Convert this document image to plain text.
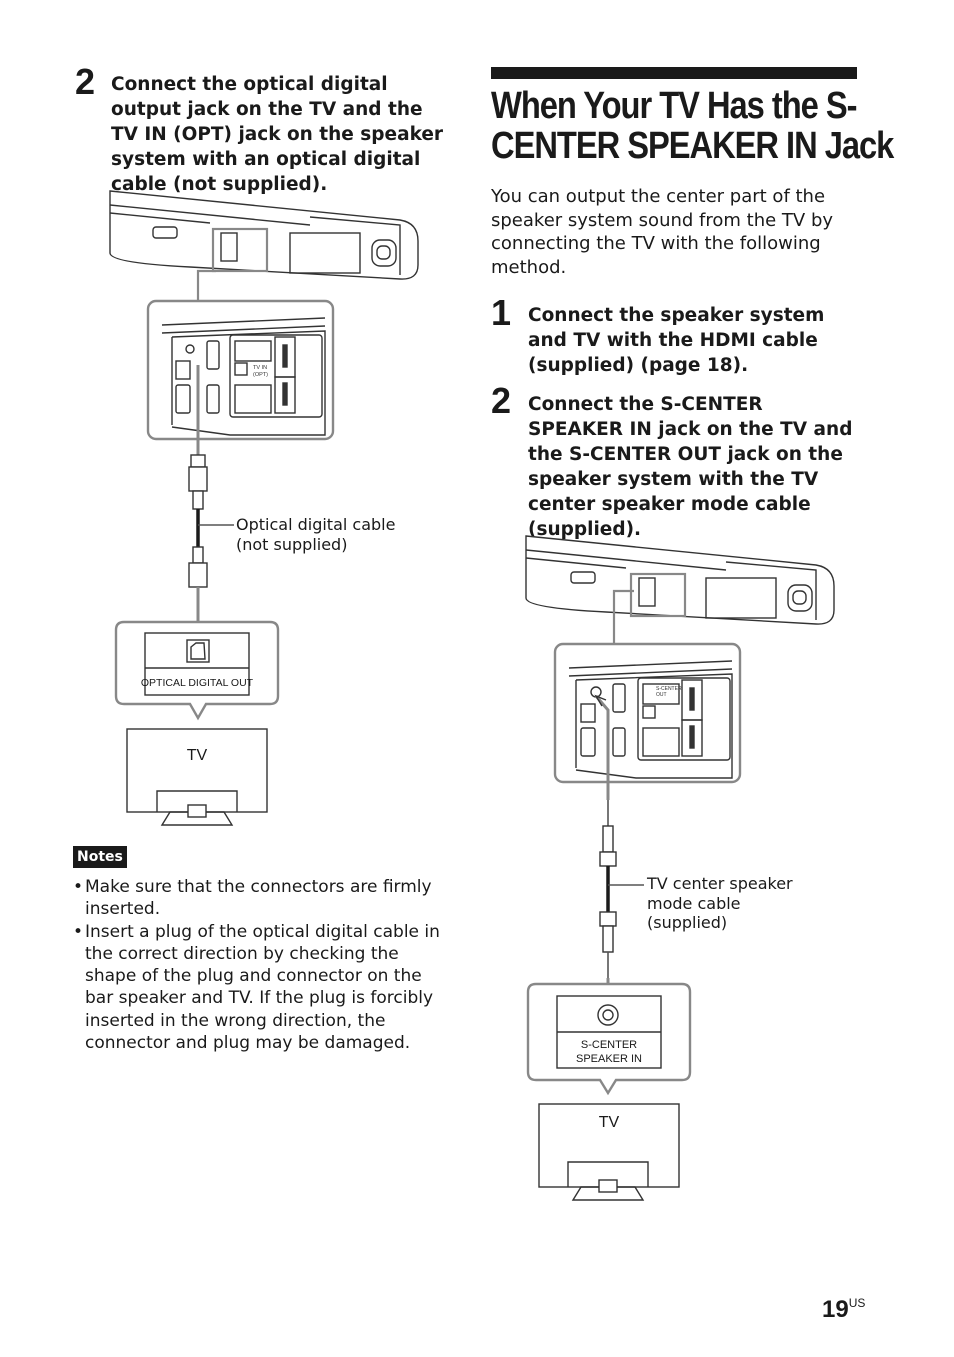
2 Connect the optical digital output jack on the TV and the TV IN (OPT) jack on the speaker system with an optical digital cable (not supplied).
TV IN
(OPT)
OPTICAL DIGITAL OUT
TV
Optical digital cable
(not supplied)
Notes
• Make sure that the connectors are firmly inserted.
• Insert a plug of the optical digital cable in the correct direction by checking the shape of the plug and connector on the bar speaker and TV. If the plug is forcibly inserted in the wrong direction, the connector and plug may be damaged.
When Your TV Has the S-
CENTER SPEAKER IN Jack
You can output the center part of the speaker system sound from the TV by connecting the TV with the following method.
1 Connect the speaker system and TV with the HDMI cable (supplied) (page 18).
2 Connect the S-CENTER SPEAKER IN jack on the TV and the S-CENTER OUT jack on the speaker system with the TV center speaker mode cable (supplied).
S-CENTER
OUT
S-CENTER
SPEAKER IN
TV
TV center speaker
mode cable
(supplied)
$19^{US}$
